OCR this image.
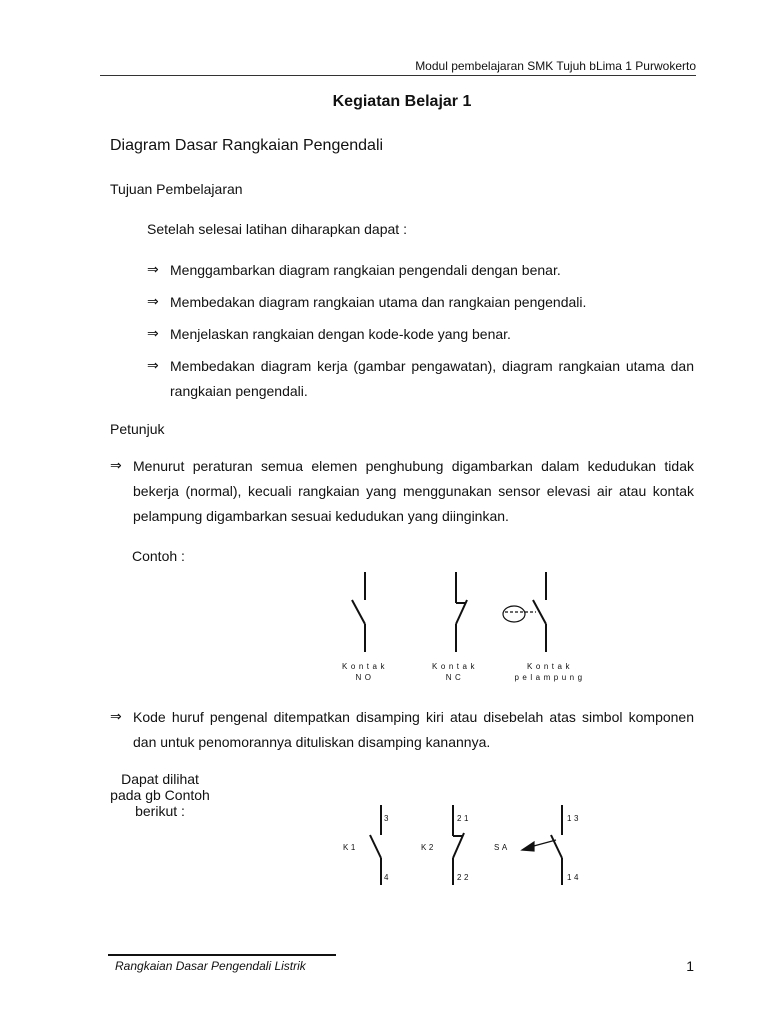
Modul pembelajaran SMK Tujuh bLima 1 Purwokerto
Kegiatan Belajar 1
Diagram Dasar Rangkaian Pengendali
Tujuan Pembelajaran
Setelah selesai latihan diharapkan dapat :
⇒ Menggambarkan diagram rangkaian pengendali dengan benar.
⇒ Membedakan diagram rangkaian utama dan rangkaian pengendali.
⇒ Menjelaskan rangkaian dengan kode-kode yang benar.
⇒ Membedakan diagram kerja (gambar pengawatan), diagram rangkaian utama dan rangkaian pengendali.
Petunjuk
⇒ Menurut peraturan semua elemen penghubung digambarkan dalam kedudukan tidak bekerja (normal), kecuali rangkaian yang menggunakan sensor elevasi air atau kontak pelampung digambarkan sesuai kedudukan yang diinginkan.
Contoh :
Kontak
NO
Kontak
NC
Kontak
pelampung
⇒ Kode huruf pengenal ditempatkan disamping kiri atau disebelah atas simbol komponen dan untuk penomorannya dituliskan disamping kanannya.
Dapat dilihat pada gb Contoh berikut :	3
K1
4
21
K2
22
13
SA
14
Rangkaian Dasar Pengendali Listrik	1
